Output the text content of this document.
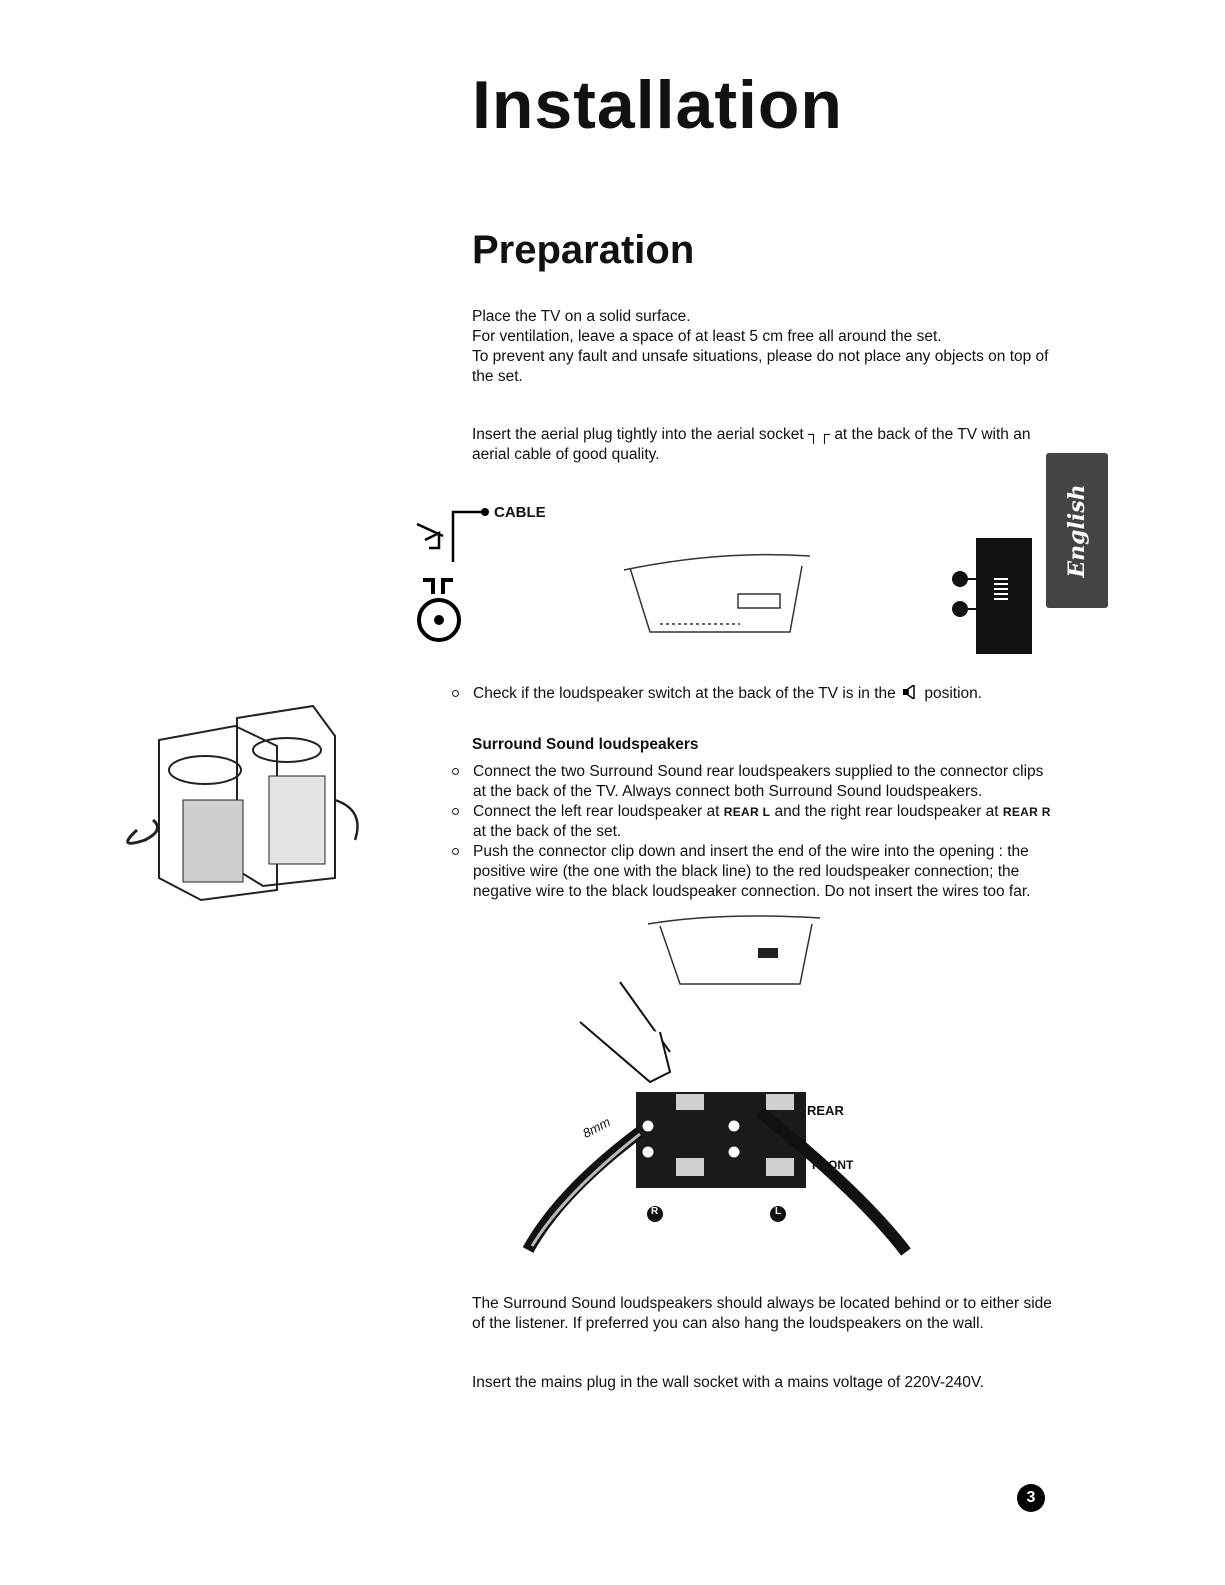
Installation
Preparation

Place the TV on a solid surface.

For ventilation, leave a space of at least 5 cm free all around the set.

To prevent any fault and unsafe situations, please do not place any objects on top of the set.

Insert the aerial plug tightly into the aerial socket ┐┌ at the back of the TV with an aerial cable of good quality.
English
CABLE
Check if the loudspeaker switch at the back of the TV is in the position.
Surround Sound loudspeakers
Connect the two Surround Sound rear loudspeakers supplied to the connector clips at the back of the TV. Always connect both Surround Sound loudspeakers.
Connect the left rear loudspeaker at REAR L and the right rear loudspeaker at REAR R at the back of the set.
Push the connector clip down and insert the end of the wire into the opening : the positive wire (the one with the black line) to the red loudspeaker connection; the negative wire to the black loudspeaker connection. Do not insert the wires too far.
REAR
FRONT
8mm
R	L
The Surround Sound loudspeakers should always be located behind or to either side of the listener. If preferred you can also hang the loudspeakers on the wall.
Insert the mains plug in the wall socket with a mains voltage of 220V-240V.
3
